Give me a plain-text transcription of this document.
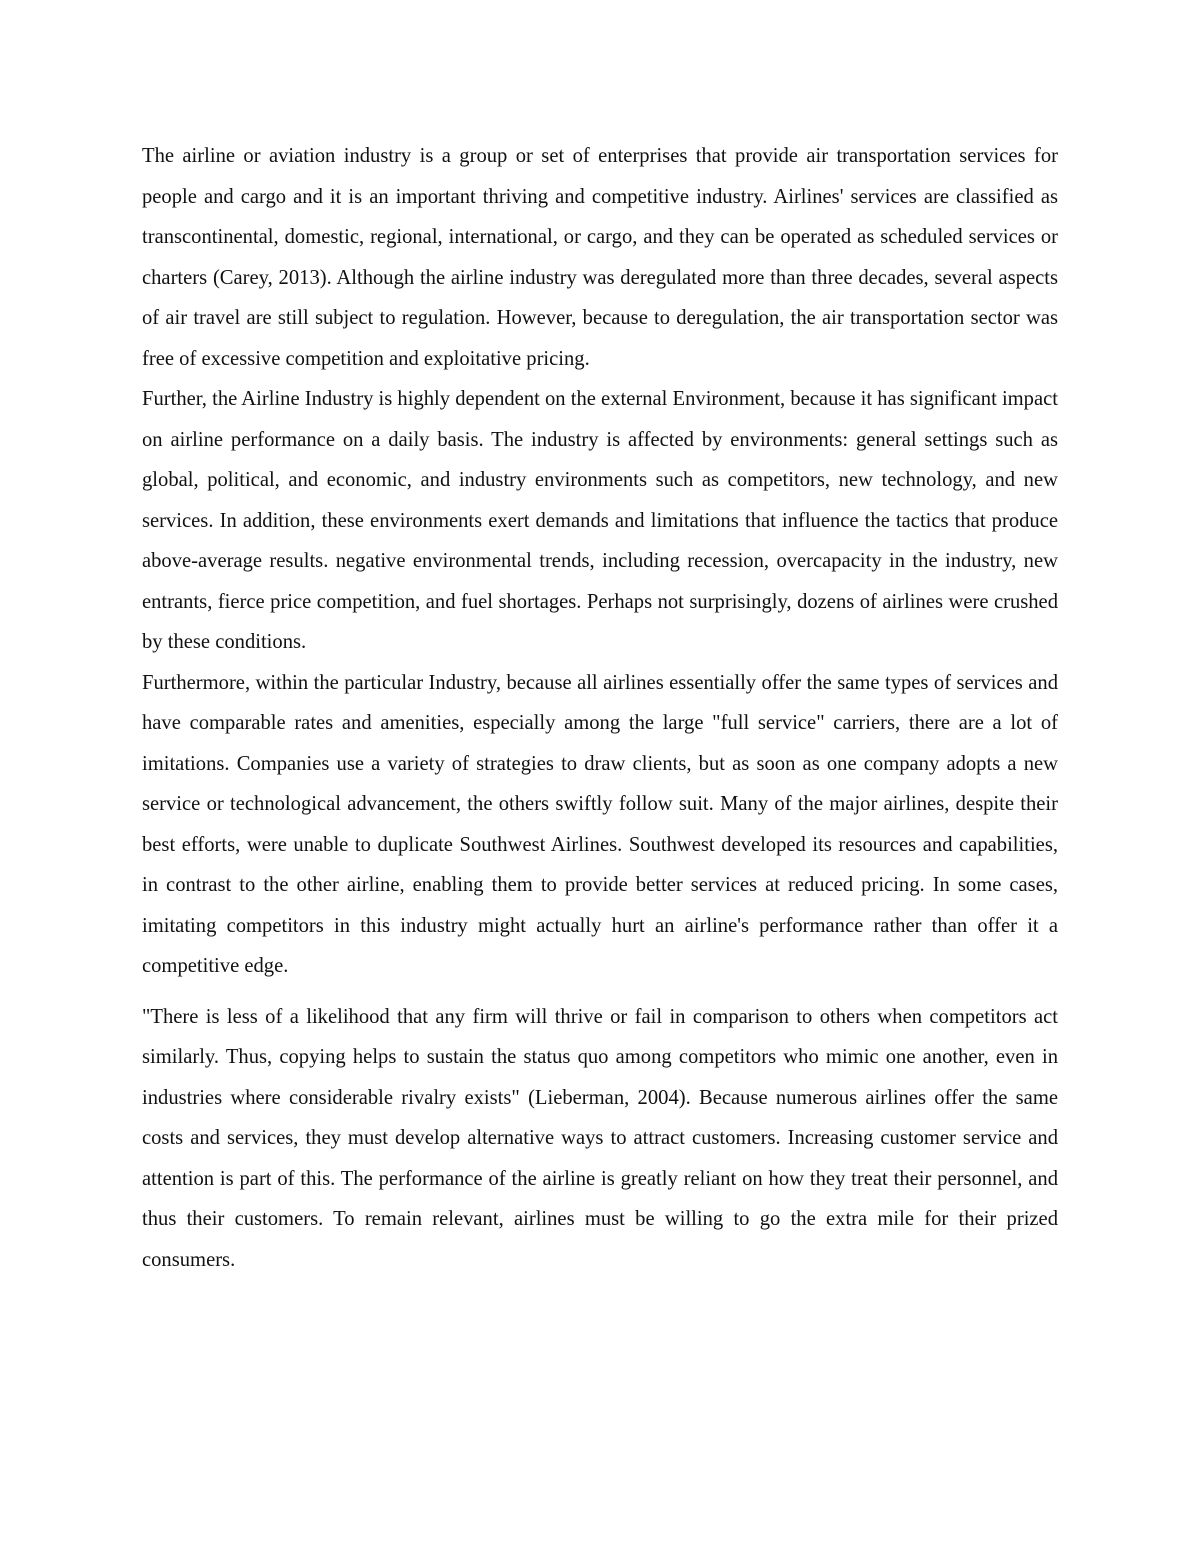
The airline or aviation industry is a group or set of enterprises that provide air transportation services for people and cargo and it is an important thriving and competitive industry. Airlines' services are classified as transcontinental, domestic, regional, international, or cargo, and they can be operated as scheduled services or charters (Carey, 2013). Although the airline industry was deregulated more than three decades, several aspects of air travel are still subject to regulation. However, because to deregulation, the air transportation sector was free of excessive competition and exploitative pricing.

Further, the Airline Industry is highly dependent on the external Environment, because it has significant impact on airline performance on a daily basis. The industry is affected by environments: general settings such as global, political, and economic, and industry environments such as competitors, new technology, and new services. In addition, these environments exert demands and limitations that influence the tactics that produce above-average results. negative environmental trends, including recession, overcapacity in the industry, new entrants, fierce price competition, and fuel shortages. Perhaps not surprisingly, dozens of airlines were crushed by these conditions.

Furthermore, within the particular Industry, because all airlines essentially offer the same types of services and have comparable rates and amenities, especially among the large "full service" carriers, there are a lot of imitations. Companies use a variety of strategies to draw clients, but as soon as one company adopts a new service or technological advancement, the others swiftly follow suit. Many of the major airlines, despite their best efforts, were unable to duplicate Southwest Airlines. Southwest developed its resources and capabilities, in contrast to the other airline, enabling them to provide better services at reduced pricing. In some cases, imitating competitors in this industry might actually hurt an airline's performance rather than offer it a competitive edge.

"There is less of a likelihood that any firm will thrive or fail in comparison to others when competitors act similarly. Thus, copying helps to sustain the status quo among competitors who mimic one another, even in industries where considerable rivalry exists" (Lieberman, 2004). Because numerous airlines offer the same costs and services, they must develop alternative ways to attract customers. Increasing customer service and attention is part of this. The performance of the airline is greatly reliant on how they treat their personnel, and thus their customers. To remain relevant, airlines must be willing to go the extra mile for their prized consumers.
